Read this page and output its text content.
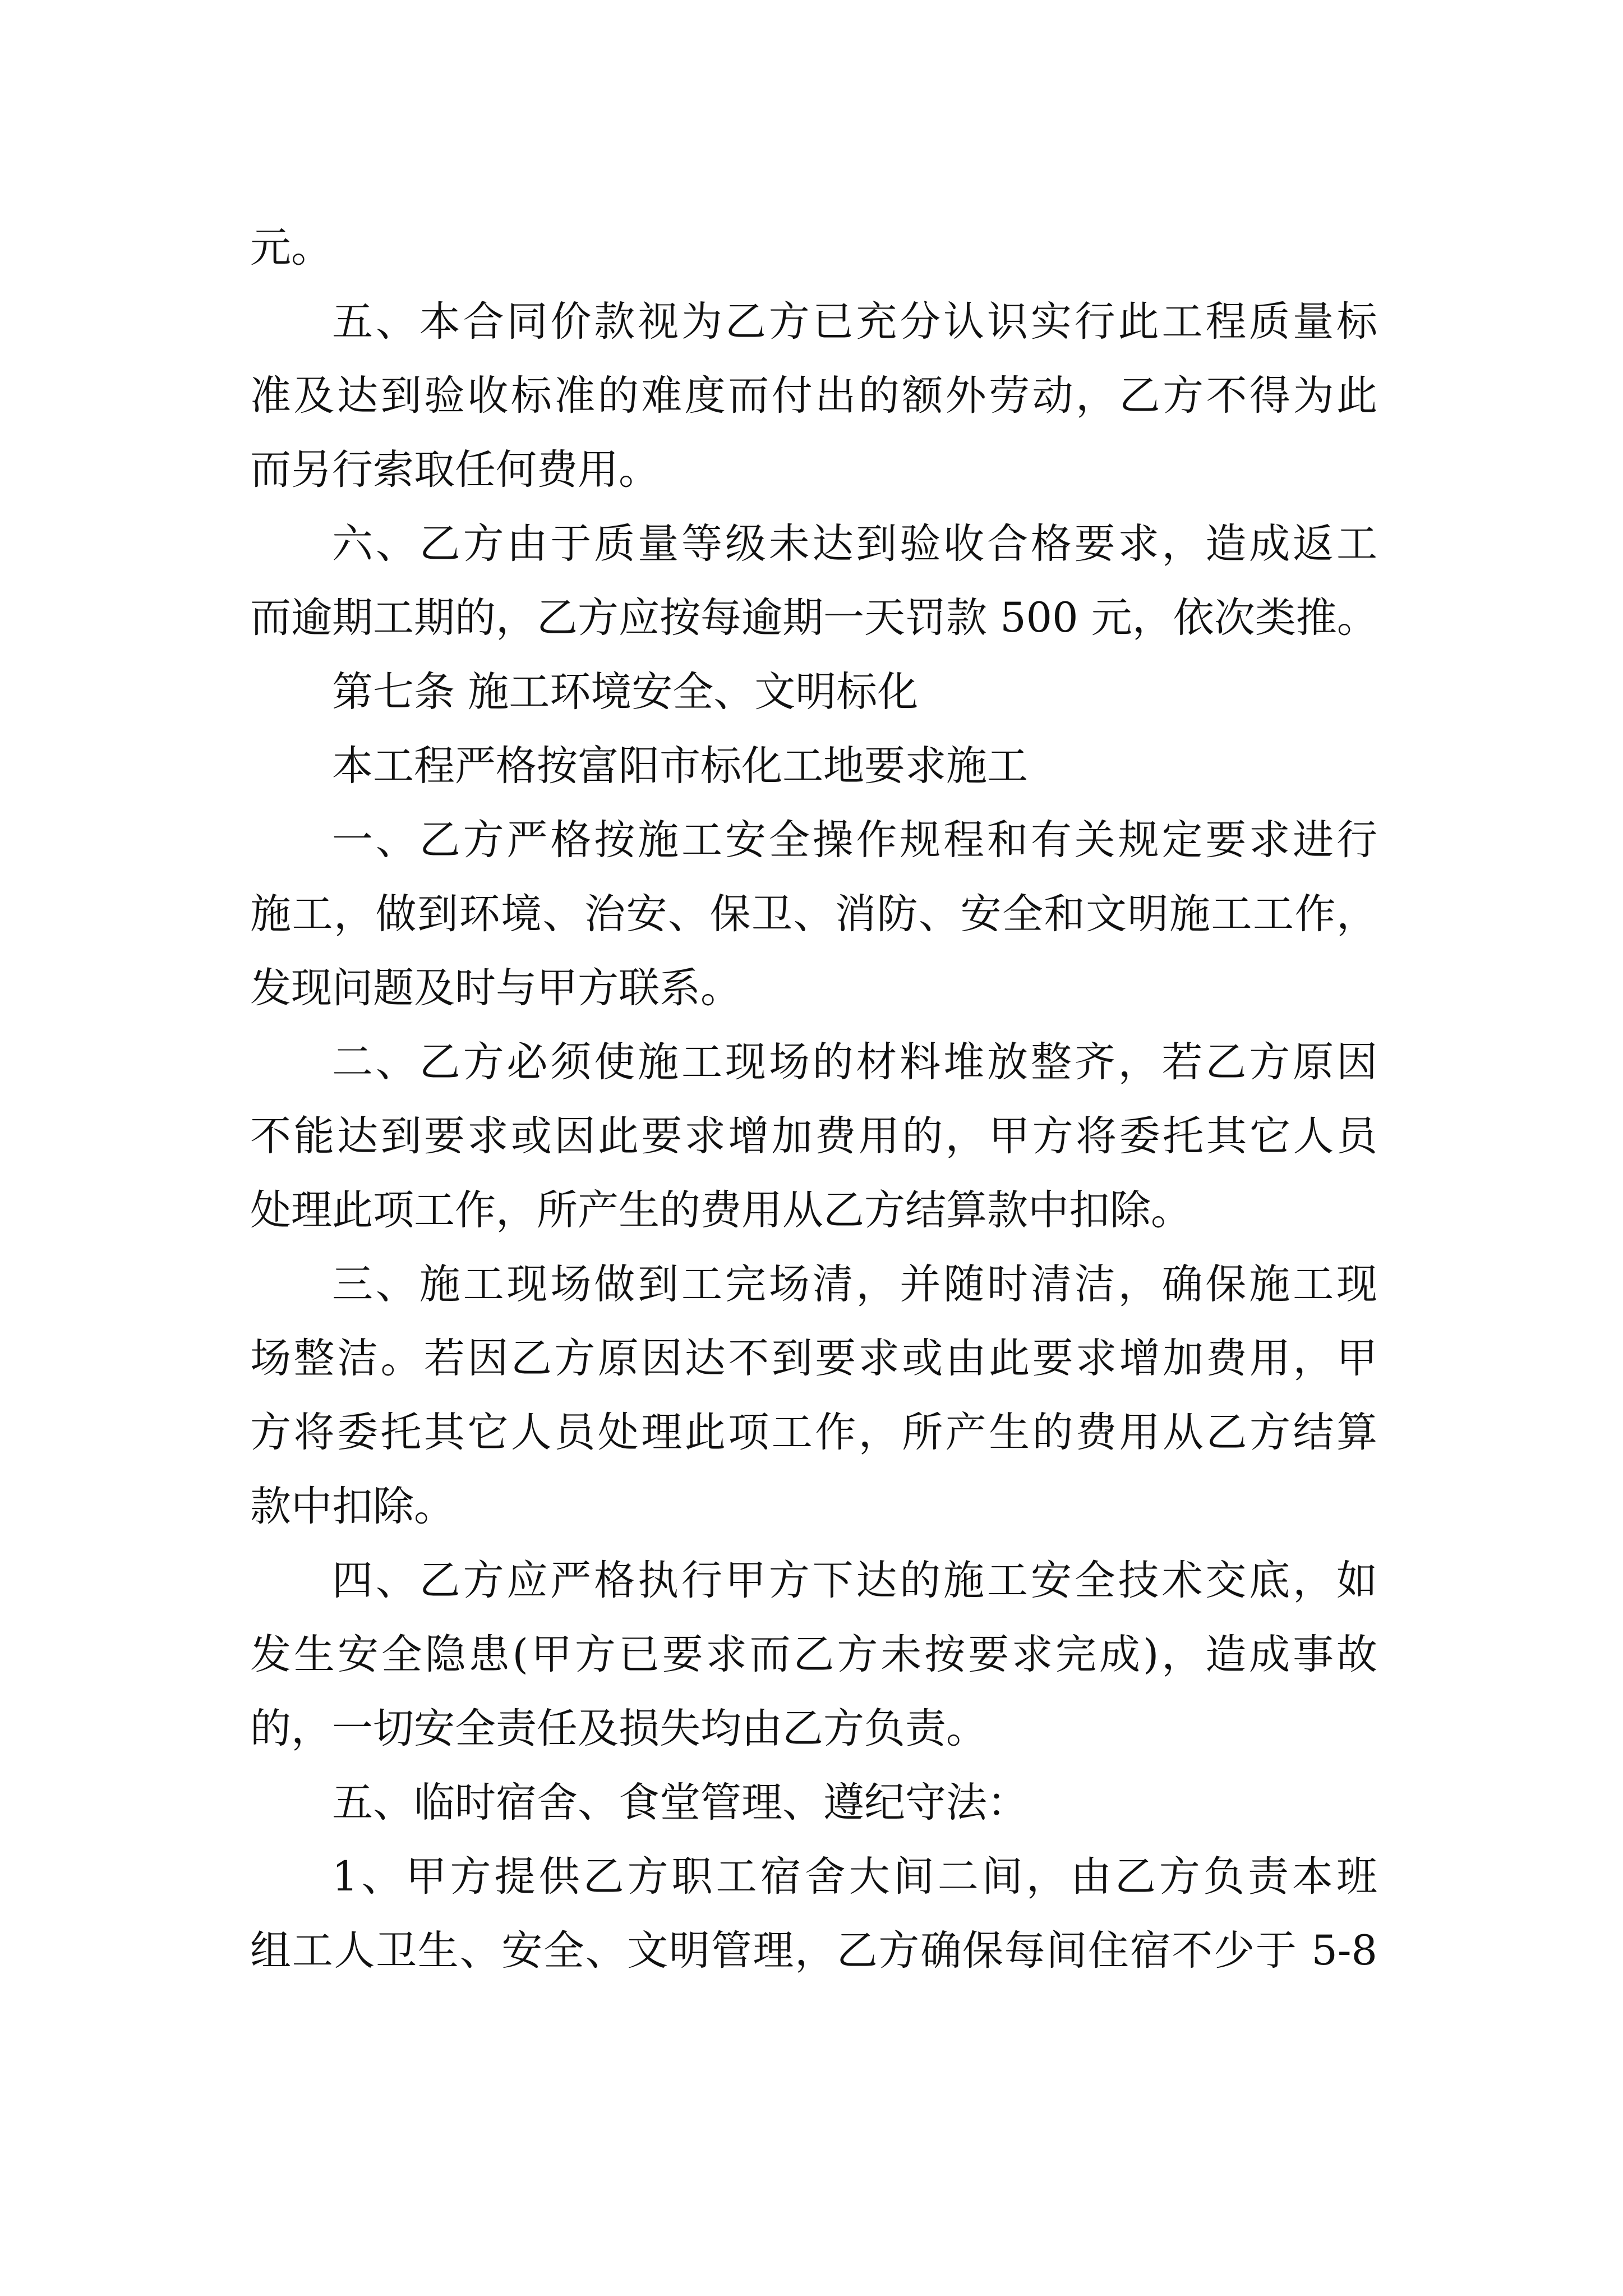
元。
五、本合同价款视为乙方已充分认识实行此工程质量标
准及达到验收标准的难度而付出的额外劳动，乙方不得为此
而另行索取任何费用。
六、乙方由于质量等级未达到验收合格要求，造成返工
而逾期工期的，乙方应按每逾期一天罚款 500 元，依次类推。
第七条 施工环境安全、文明标化
本工程严格按富阳市标化工地要求施工
一、乙方严格按施工安全操作规程和有关规定要求进行
施工，做到环境、治安、保卫、消防、安全和文明施工工作，
发现问题及时与甲方联系。
二、乙方必须使施工现场的材料堆放整齐，若乙方原因
不能达到要求或因此要求增加费用的，甲方将委托其它人员
处理此项工作，所产生的费用从乙方结算款中扣除。
三、施工现场做到工完场清，并随时清洁，确保施工现
场整洁。若因乙方原因达不到要求或由此要求增加费用，甲
方将委托其它人员处理此项工作，所产生的费用从乙方结算
款中扣除。
四、乙方应严格执行甲方下达的施工安全技术交底，如
发生安全隐患(甲方已要求而乙方未按要求完成)，造成事故
的，一切安全责任及损失均由乙方负责。
五、临时宿舍、食堂管理、遵纪守法：
1、甲方提供乙方职工宿舍大间二间，由乙方负责本班
组工人卫生、安全、文明管理，乙方确保每间住宿不少于 5-8
